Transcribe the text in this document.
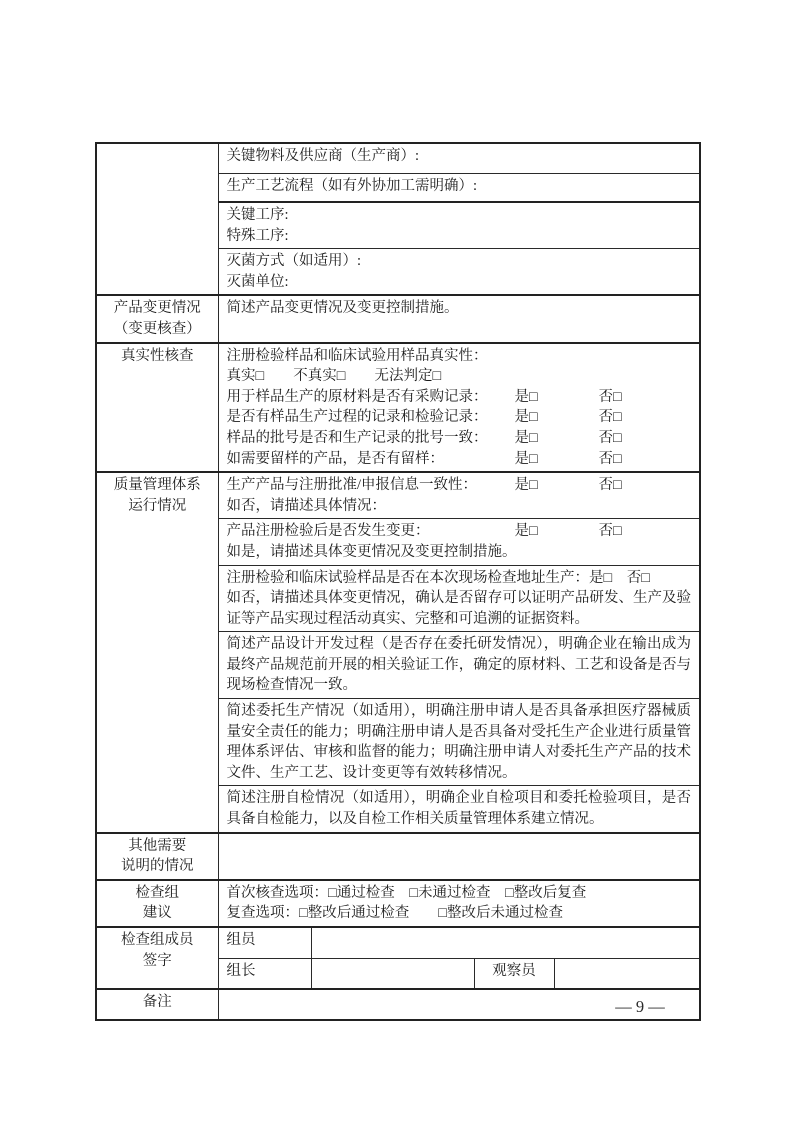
	关键物料及供应商（生产商）:			

	生产工艺流程（如有外协加工需明确）:			

	关键工序:
特殊工序:			

	灭菌方式（如适用）:
灭菌单位:			

产品变更情况
（变更核查）	简述产品变更情况及变更控制措施。			

真实性核查	注册检验样品和临床试验用样品真实性：
真实□　　不真实□　　无法判定□
用于样品生产的原材料是否有采购记录： 是□	否□
是否有样品生产过程的记录和检验记录： 是□	否□
样品的批号是否和生产记录的批号一致： 是□	否□
如需要留样的产品，是否有留样：	是□	否□

质量管理体系
运行情况

生产产品与注册批准/申报信息一致性：	是□	否□
如否，请描述具体情况：

	产品注册检验后是否发生变更： 是□ 否□
如是，请描述具体变更情况及变更控制措施。			

	注册检验和临床试验样品是否在本次现场检查地址生产：是□　否□
如否，请描述具体变更情况，确认是否留存可以证明产品研发、生产及验证等产品实现过程活动真实、完整和可追溯的证据资料。			

	简述产品设计开发过程（是否存在委托研发情况），明确企业在输出成为最终产品规范前开展的相关验证工作，确定的原材料、工艺和设备是否与现场检查情况一致。			
	简述委托生产情况（如适用），明确注册申请人是否具备承担医疗器械质量安全责任的能力；明确注册申请人是否具备对受托生产企业进行质量管理体系评估、审核和监督的能力；明确注册申请人对委托生产产品的技术文件、生产工艺、设计变更等有效转移情况。			
	简述注册自检情况（如适用），明确企业自检项目和委托检验项目，是否具备自检能力，以及自检工作相关质量管理体系建立情况。			

其他需要
说明的情况				

检查组
建议

首次核查选项：□通过检查　□未通过检查　□整改后复查
复查选项：□整改后通过检查　　□整改后未通过检查

检查组成员
签字	组员			
	组长		观察员	
备注					— 9 —
